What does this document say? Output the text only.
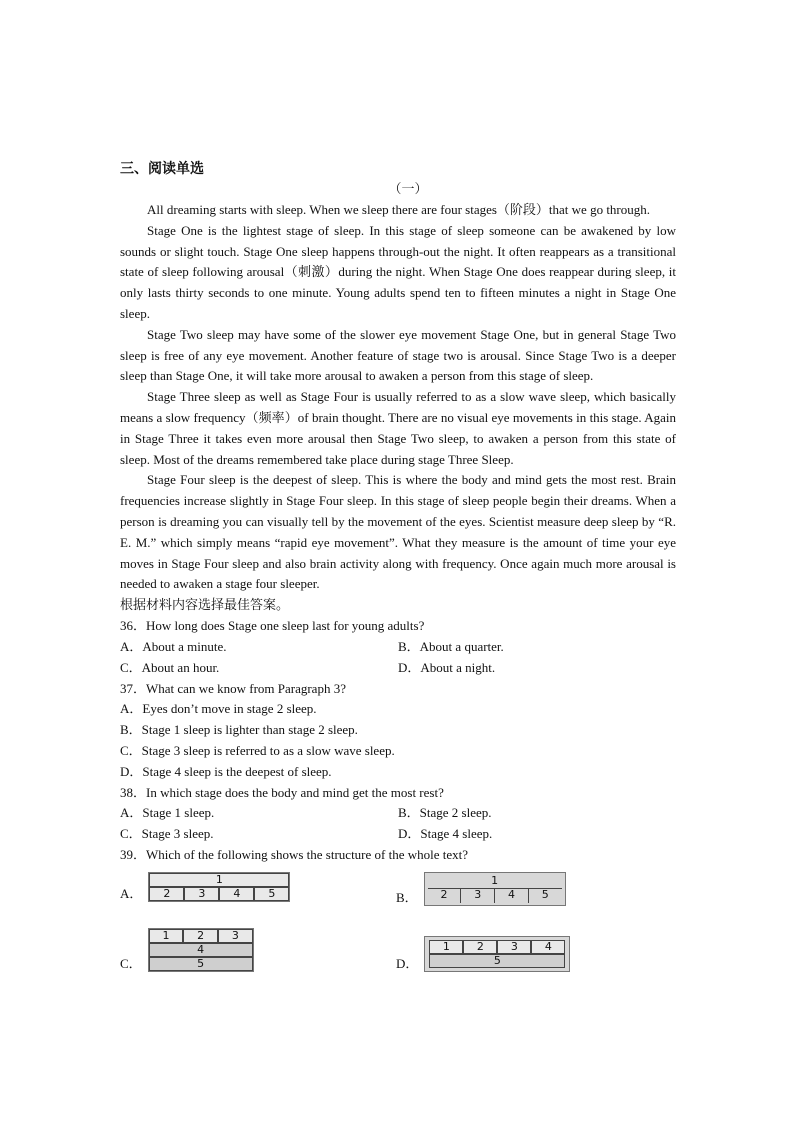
三、阅读单选

（一）

All dreaming starts with sleep. When we sleep there are four stages（阶段）that we go through.

Stage One is the lightest stage of sleep. In this stage of sleep someone can be awakened by low sounds or slight touch. Stage One sleep happens through-out the night. It often reappears as a transitional state of sleep following arousal（刺激）during the night. When Stage One does reappear during sleep, it only lasts thirty seconds to one minute. Young adults spend ten to fifteen minutes a night in Stage One sleep.

Stage Two sleep may have some of the slower eye movement Stage One, but in general Stage Two sleep is free of any eye movement. Another feature of stage two is arousal. Since Stage Two is a deeper sleep than Stage One, it will take more arousal to awaken a person from this stage of sleep.

Stage Three sleep as well as Stage Four is usually referred to as a slow wave sleep, which basically means a slow frequency（频率）of brain thought. There are no visual eye movements in this stage. Again in Stage Three it takes even more arousal then Stage Two sleep, to awaken a person from this state of sleep. Most of the dreams remembered take place during stage Three Sleep.

Stage Four sleep is the deepest of sleep. This is where the body and mind gets the most rest. Brain frequencies increase slightly in Stage Four sleep. In this stage of sleep people begin their dreams. When a person is dreaming you can visually tell by the movement of the eyes. Scientist measure deep sleep by “R. E. M.” which simply means “rapid eye movement”. What they measure is the amount of time your eye moves in Stage Four sleep and also brain activity along with frequency. Once again much more arousal is needed to awaken a stage four sleeper.

根据材料内容选择最佳答案。

36．How long does Stage one sleep last for young adults?

A．About a minute.	B．About a quarter.
C．About an hour.	D．About a night.

37．What can we know from Paragraph 3?

A．Eyes don’t move in stage 2 sleep.
B．Stage 1 sleep is lighter than stage 2 sleep.
C．Stage 3 sleep is referred to as a slow wave sleep.
D．Stage 4 sleep is the deepest of sleep.

38．In which stage does the body and mind get the most rest?

A．Stage 1 sleep.	B．Stage 2 sleep.
C．Stage 3 sleep.	D．Stage 4 sleep.

39．Which of the following shows the structure of the whole text?

A．
1
2	3	4	5	B．
1
2	3	4	5
C．
1	2	3
4
5	D．
1	2	3	4
5
